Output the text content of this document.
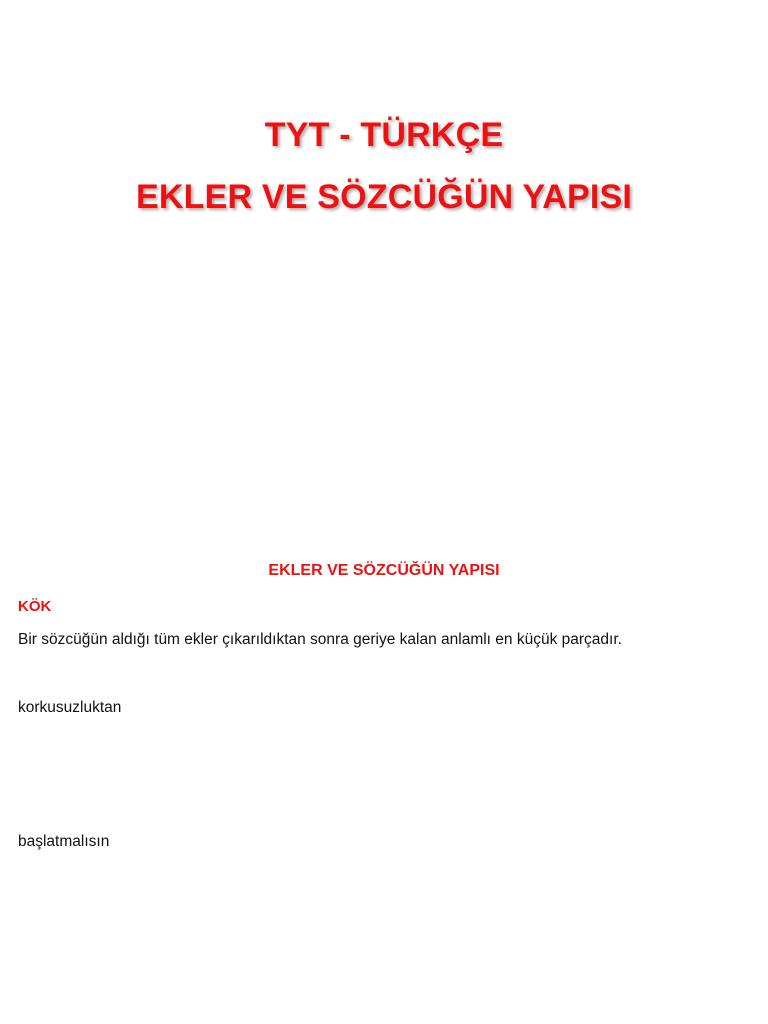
TYT - TÜRKÇE
EKLER VE SÖZCÜĞÜN YAPISI
EKLER VE SÖZCÜĞÜN YAPISI

KÖK

Bir sözcüğün aldığı tüm ekler çıkarıldıktan sonra geriye kalan anlamlı en küçük parçadır.

korkusuzluktan

başlatmalısın
